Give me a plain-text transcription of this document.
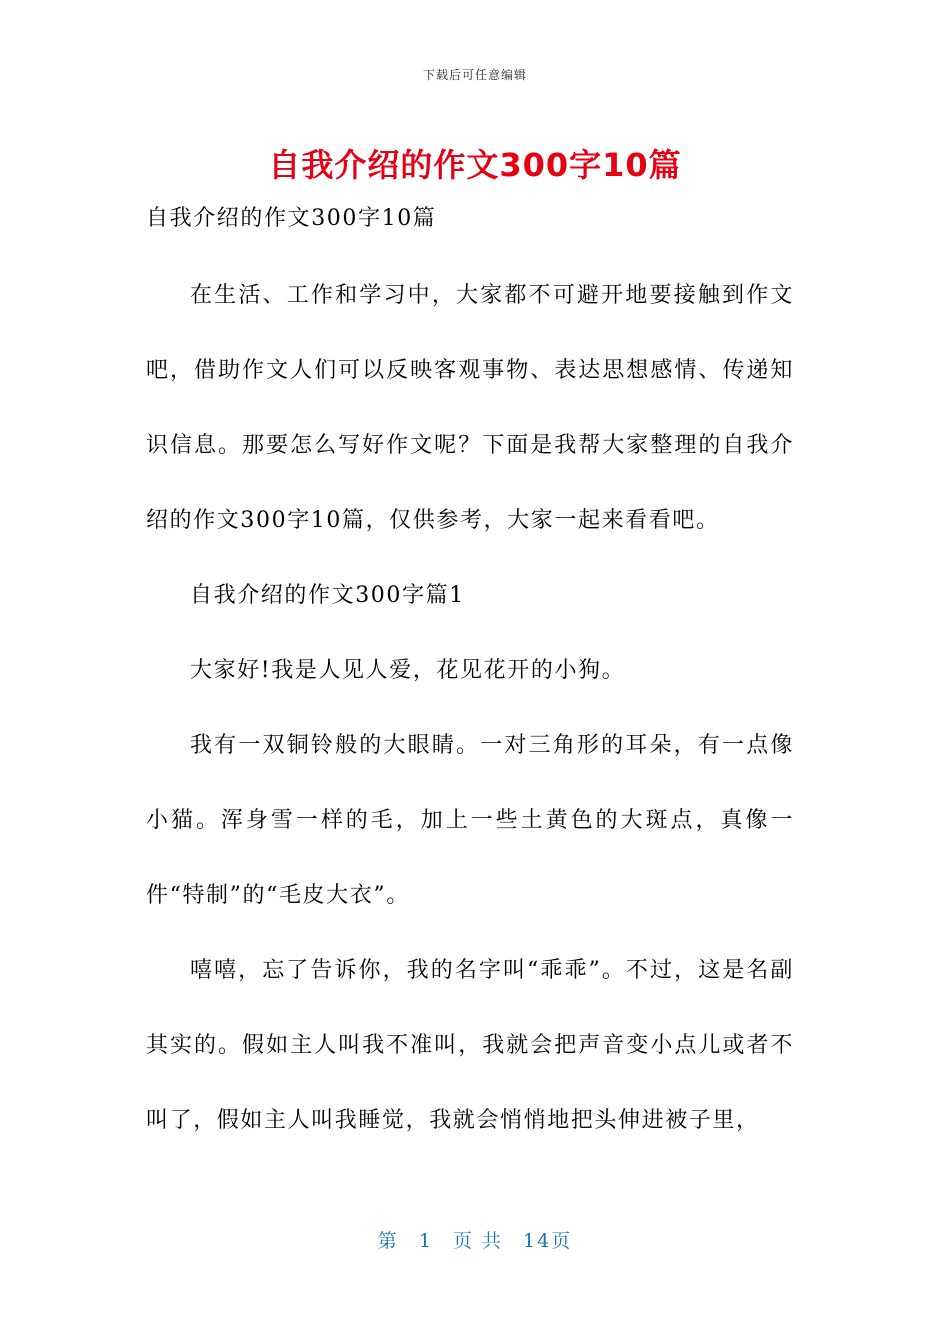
下载后可任意编辑
自我介绍的作文300字10篇

自我介绍的作文300字10篇

在生活、工作和学习中，大家都不可避开地要接触到作文吧，借助作文人们可以反映客观事物、表达思想感情、传递知识信息。那要怎么写好作文呢？下面是我帮大家整理的自我介绍的作文300字10篇，仅供参考，大家一起来看看吧。

自我介绍的作文300字篇1

大家好!我是人见人爱，花见花开的小狗。

我有一双铜铃般的大眼睛。一对三角形的耳朵，有一点像小猫。浑身雪一样的毛，加上一些土黄色的大斑点，真像一件“特制”的“毛皮大衣”。

嘻嘻，忘了告诉你，我的名字叫“乖乖”。不过，这是名副其实的。假如主人叫我不准叫，我就会把声音变小点儿或者不叫了，假如主人叫我睡觉，我就会悄悄地把头伸进被子里，

第 1 页 共 14页
